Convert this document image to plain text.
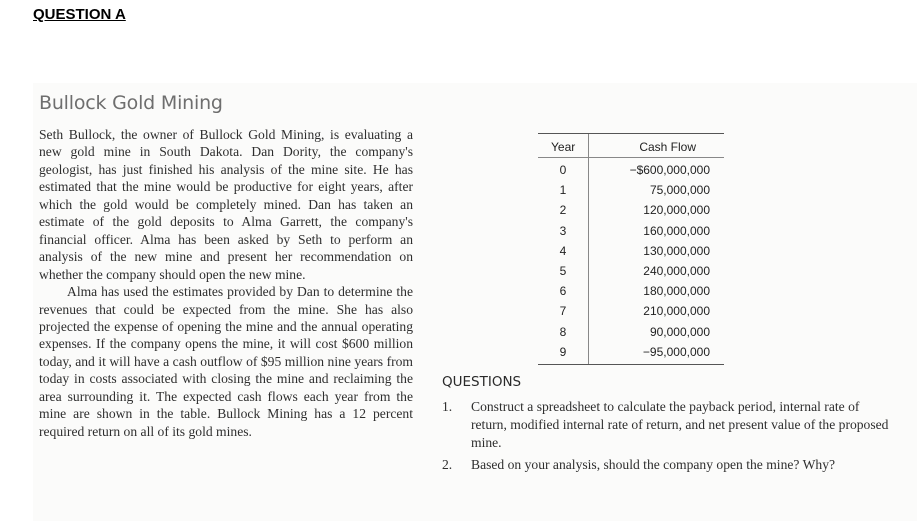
QUESTION A
Bullock Gold Mining

Seth Bullock, the owner of Bullock Gold Mining, is evaluating a new gold mine in South Dakota. Dan Dority, the company's geologist, has just finished his analysis of the mine site. He has estimated that the mine would be productive for eight years, after which the gold would be completely mined. Dan has taken an estimate of the gold deposits to Alma Garrett, the company's financial officer. Alma has been asked by Seth to perform an analysis of the new mine and present her recommendation on whether the company should open the new mine.

Alma has used the estimates provided by Dan to determine the revenues that could be expected from the mine. She has also projected the expense of opening the mine and the annual operating expenses. If the company opens the mine, it will cost $600 million today, and it will have a cash outflow of $95 million nine years from today in costs associated with closing the mine and reclaiming the area surrounding it. The expected cash flows each year from the mine are shown in the table. Bullock Mining has a 12 percent required return on all of its gold mines.

Year	Cash Flow
0	−$600,000,000
1	75,000,000
2	120,000,000
3	160,000,000
4	130,000,000
5	240,000,000
6	180,000,000
7	210,000,000
8	90,000,000
9	−95,000,000
QUESTIONS
1. Construct a spreadsheet to calculate the payback period, internal rate of return, modified internal rate of return, and net present value of the proposed mine.
2. Based on your analysis, should the company open the mine? Why?
